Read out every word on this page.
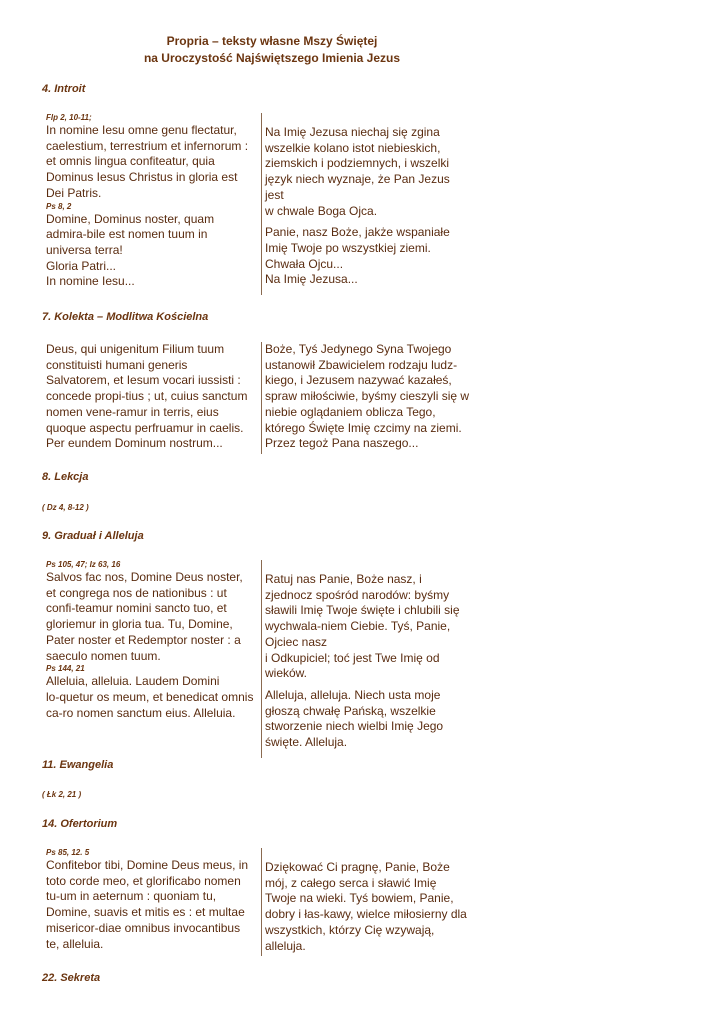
Propria – teksty własne Mszy Świętej
na Uroczystość Najświętszego Imienia Jezus
4. Introit
Flp 2, 10-11;
In nomine Iesu omne genu flectatur,
caelestium, terrestrium et infernorum :
et omnis lingua confiteatur, quia
Dominus Iesus Christus in gloria est
Dei Patris.
Ps 8, 2
Domine, Dominus noster, quam
admira-bile est nomen tuum in
universa terra!
Gloria Patri...
In nomine Iesu...
Na Imię Jezusa niechaj się zgina
wszelkie kolano istot niebieskich,
ziemskich i podziemnych, i wszelki
język niech wyznaje, że Pan Jezus
jest
w chwale Boga Ojca.
Panie, nasz Boże, jakże wspaniałe
Imię Twoje po wszystkiej ziemi.
Chwała Ojcu...
Na Imię Jezusa...
7. Kolekta – Modlitwa Kościelna
Deus, qui unigenitum Filium tuum
constituisti humani generis
Salvatorem, et Iesum vocari iussisti :
concede propi-tius ; ut, cuius sanctum
nomen vene-ramur in terris, eius
quoque aspectu perfruamur in caelis.
Per eundem Dominum nostrum...
Boże, Tyś Jedynego Syna Twojego
ustanowił Zbawicielem rodzaju ludz-
kiego, i Jezusem nazywać kazałeś,
spraw miłościwie, byśmy cieszyli się w
niebie oglądaniem oblicza Tego,
którego Święte Imię czcimy na ziemi.
Przez tegoż Pana naszego...
8. Lekcja
( Dz 4, 8-12 )
9. Graduał i Alleluja
Ps 105, 47; Iz 63, 16
Salvos fac nos, Domine Deus noster,
et congrega nos de nationibus : ut
confi-teamur nomini sancto tuo, et
gloriemur in gloria tua. Tu, Domine,
Pater noster et Redemptor noster : a
saeculo nomen tuum.
Ps 144, 21
Alleluia, alleluia. Laudem Domini
lo-quetur os meum, et benedicat omnis
ca-ro nomen sanctum eius. Alleluia.
Ratuj nas Panie, Boże nasz, i
zjednocz spośród narodów: byśmy
sławili Imię Twoje święte i chlubili się
wychwala-niem Ciebie. Tyś, Panie,
Ojciec nasz
i Odkupiciel; toć jest Twe Imię od
wieków.
Alleluja, alleluja. Niech usta moje
głoszą chwałę Pańską, wszelkie
stworzenie niech wielbi Imię Jego
święte. Alleluja.
11. Ewangelia
( Łk 2, 21 )
14. Ofertorium
Ps 85, 12. 5
Confitebor tibi, Domine Deus meus, in
toto corde meo, et glorificabo nomen
tu-um in aeternum : quoniam tu,
Domine, suavis et mitis es : et multae
misericor-diae omnibus invocantibus
te, alleluia.
Dziękować Ci pragnę, Panie, Boże
mój, z całego serca i sławić Imię
Twoje na wieki. Tyś bowiem, Panie,
dobry i łas-kawy, wielce miłosierny dla
wszystkich, którzy Cię wzywają,
alleluja.
22. Sekreta
